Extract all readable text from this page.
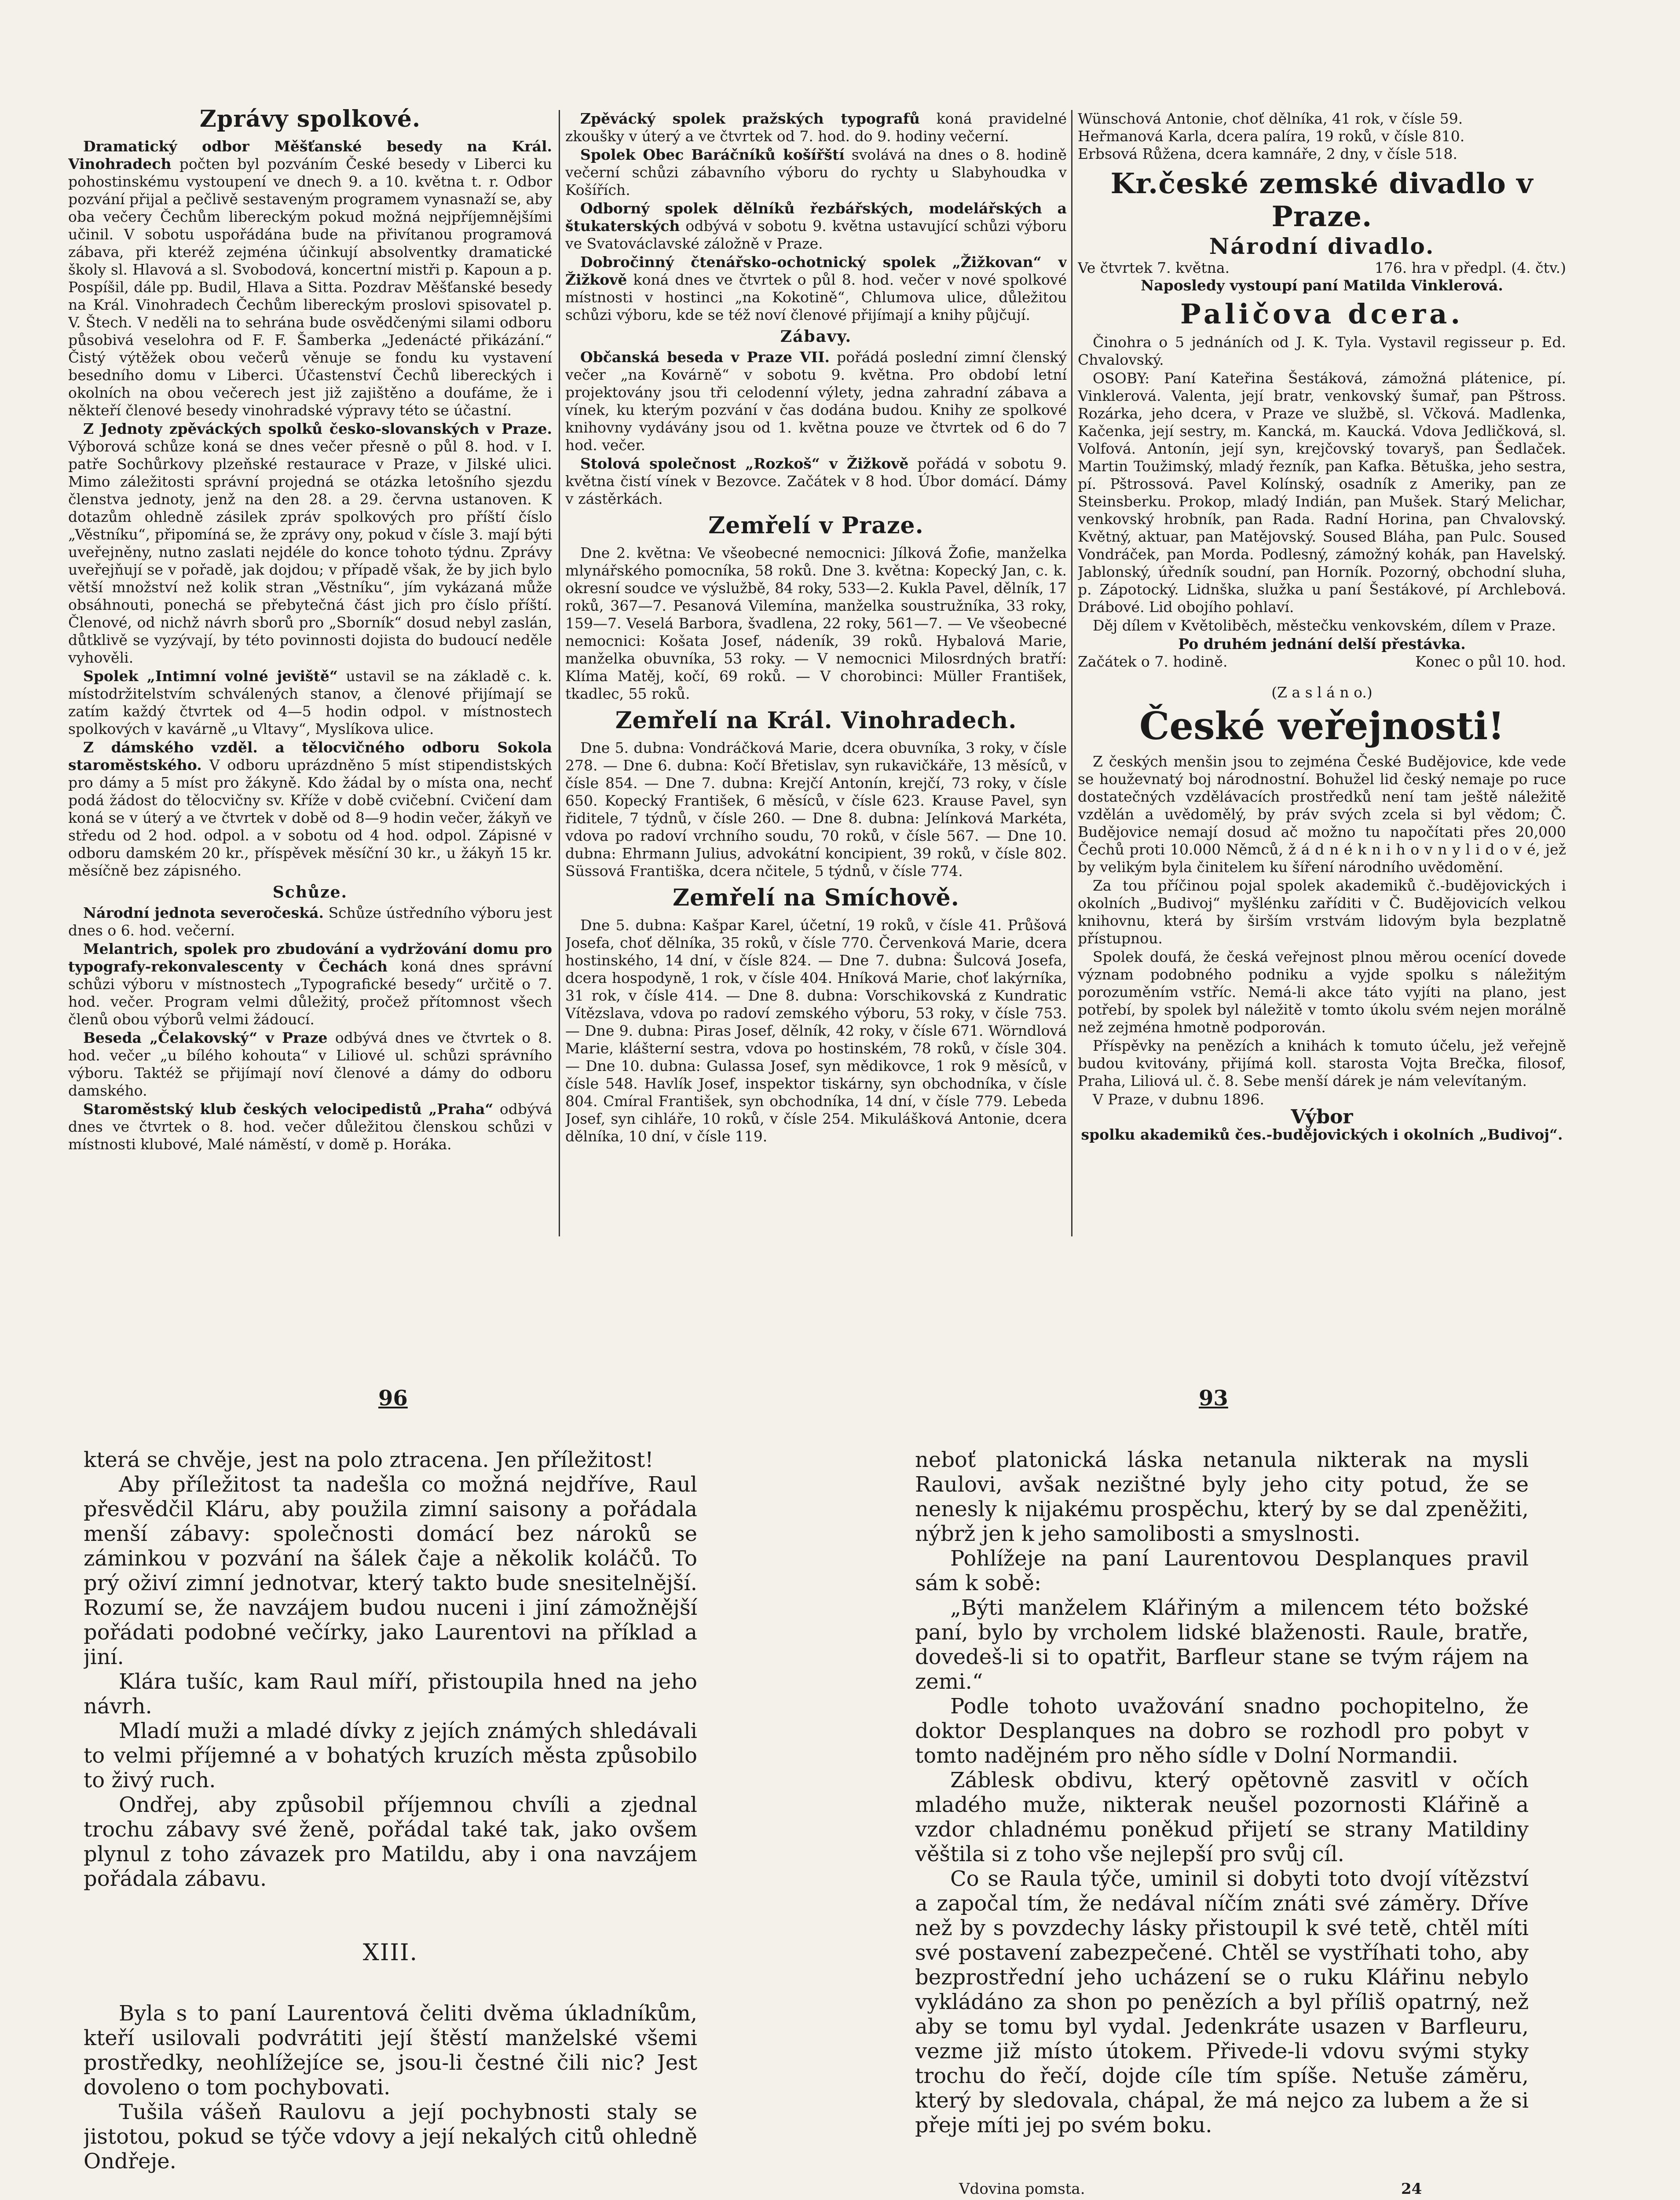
Zprávy spolkové.

Dramatický odbor Měšťanské besedy na Král. Vinohradech počten byl pozváním České besedy v Liberci ku pohostinskému vystoupení ve dnech 9. a 10. května t. r. Odbor pozvání přijal a pečlivě sestaveným programem vynasnaží se, aby oba večery Čechům libereckým pokud možná nejpříjemnějšími učinil. V sobotu uspořádána bude na přivítanou programová zábava, při kteréž zejména účinkují absolventky dramatické školy sl. Hlavová a sl. Svobodová, koncertní mistři p. Kapoun a p. Pospíšil, dále pp. Budil, Hlava a Sitta. Pozdrav Měšťanské besedy na Král. Vinohradech Čechům libereckým proslovi spisovatel p. V. Štech. V neděli na to sehrána bude osvědčenými silami odboru působivá veselohra od F. F. Šamberka „Jedenácté přikázání.“ Čistý výtěžek obou večerů věnuje se fondu ku vystavení besedního domu v Liberci. Účastenství Čechů libereckých i okolních na obou večerech jest již zajištěno a doufáme, že i někteří členové besedy vinohradské výpravy této se účastní.

Z Jednoty zpěváckých spolků česko-slovanských v Praze. Výborová schůze koná se dnes večer přesně o půl 8. hod. v I. patře Sochůrkovy plzeňské restaurace v Praze, v Jilské ulici. Mimo záležitosti správní projedná se otázka letošního sjezdu členstva jednoty, jenž na den 28. a 29. června ustanoven. K dotazům ohledně zásilek zpráv spolkových pro příští číslo „Věstníku“, připomíná se, že zprávy ony, pokud v čísle 3. mají býti uveřejněny, nutno zaslati nejdéle do konce tohoto týdnu. Zprávy uveřejňují se v pořadě, jak dojdou; v případě však, že by jich bylo větší množství než kolik stran „Věstníku“, jím vykázaná může obsáhnouti, ponechá se přebytečná část jich pro číslo příští. Členové, od nichž návrh sborů pro „Sborník“ dosud nebyl zaslán, důtklivě se vyzývají, by této povinnosti dojista do budoucí neděle vyhověli.

Spolek „Intimní volné jeviště“ ustavil se na základě c. k. místodržitelstvím schválených stanov, a členové přijímají se zatím každý čtvrtek od 4—5 hodin odpol. v místnostech spolkových v kavárně „u Vltavy“, Myslíkova ulice.

Z dámského vzděl. a tělocvičného odboru Sokola staroměstského. V odboru uprázdněno 5 míst stipendistských pro dámy a 5 míst pro žákyně. Kdo žádal by o místa ona, nechť podá žádost do tělocvičny sv. Kříže v době cvičební. Cvičení dam koná se v úterý a ve čtvrtek v době od 8—9 hodin večer, žákyň ve středu od 2 hod. odpol. a v sobotu od 4 hod. odpol. Zápisné v odboru damském 20 kr., příspěvek měsíční 30 kr., u žákyň 15 kr. měsíčně bez zápisného.

Schůze.

Národní jednota severočeská. Schůze ústředního výboru jest dnes o 6. hod. večerní.

Melantrich, spolek pro zbudování a vydržování domu pro typografy-rekonvalescenty v Čechách koná dnes správní schůzi výboru v místnostech „Typografické besedy“ určitě o 7. hod. večer. Program velmi důležitý, pročež přítomnost všech členů obou výborů velmi žádoucí.

Beseda „Čelakovský“ v Praze odbývá dnes ve čtvrtek o 8. hod. večer „u bílého kohouta“ v Liliové ul. schůzi správního výboru. Taktéž se přijímají noví členové a dámy do odboru damského.

Staroměstský klub českých velocipedistů „Praha“ odbývá dnes ve čtvrtek o 8. hod. večer důležitou členskou schůzi v místnosti klubové, Malé náměstí, v domě p. Horáka.

Zpěvácký spolek pražských typografů koná pravidelné zkoušky v úterý a ve čtvrtek od 7. hod. do 9. hodiny večerní.

Spolek Obec Baráčníků košířští svolává na dnes o 8. hodině večerní schůzi zábavního výboru do rychty u Slabyhoudka v Košířích.

Odborný spolek dělníků řezbářských, modelářských a štukaterských odbývá v sobotu 9. května ustavující schůzi výboru ve Svatováclavské záložně v Praze.

Dobročinný čtenářsko-ochotnický spolek „Žižkovan“ v Žižkově koná dnes ve čtvrtek o půl 8. hod. večer v nové spolkové místnosti v hostinci „na Kokotině“, Chlumova ulice, důležitou schůzi výboru, kde se též noví členové přijímají a knihy půjčují.

Zábavy.

Občanská beseda v Praze VII. pořádá poslední zimní členský večer „na Kovárně“ v sobotu 9. května. Pro období letní projektovány jsou tři celodenní výlety, jedna zahradní zábava a vínek, ku kterým pozvání v čas dodána budou. Knihy ze spolkové knihovny vydávány jsou od 1. května pouze ve čtvrtek od 6 do 7 hod. večer.

Stolová společnost „Rozkoš“ v Žižkově pořádá v sobotu 9. května čistí vínek v Bezovce. Začátek v 8 hod. Úbor domácí. Dámy v zástěrkách.

Zemřelí v Praze.

Dne 2. května: Ve všeobecné nemocnici: Jílková Žofie, manželka mlynářského pomocníka, 58 roků. Dne 3. května: Kopecký Jan, c. k. okresní soudce ve výslužbě, 84 roky, 533—2. Kukla Pavel, dělník, 17 roků, 367—7. Pesanová Vilemína, manželka soustružníka, 33 roky, 159—7. Veselá Barbora, švadlena, 22 roky, 561—7. — Ve všeobecné nemocnici: Košata Josef, nádeník, 39 roků. Hybalová Marie, manželka obuvníka, 53 roky. — V nemocnici Milosrdných bratří: Klíma Matěj, kočí, 69 roků. — V chorobinci: Müller František, tkadlec, 55 roků.

Zemřelí na Král. Vinohradech.

Dne 5. dubna: Vondráčková Marie, dcera obuvníka, 3 roky, v čísle 278. — Dne 6. dubna: Kočí Břetislav, syn rukavičkáře, 13 měsíců, v čísle 854. — Dne 7. dubna: Krejčí Antonín, krejčí, 73 roky, v čísle 650. Kopecký František, 6 měsíců, v čísle 623. Krause Pavel, syn řiditele, 7 týdnů, v čísle 260. — Dne 8. dubna: Jelínková Markéta, vdova po radoví vrchního soudu, 70 roků, v čísle 567. — Dne 10. dubna: Ehrmann Julius, advokátní koncipient, 39 roků, v čísle 802. Süssová Františka, dcera nčitele, 5 týdnů, v čísle 774.

Zemřelí na Smíchově.

Dne 5. dubna: Kašpar Karel, účetní, 19 roků, v čísle 41. Průšová Josefa, choť dělníka, 35 roků, v čísle 770. Červenková Marie, dcera hostinského, 14 dní, v čísle 824. — Dne 7. dubna: Šulcová Josefa, dcera hospodyně, 1 rok, v čísle 404. Hníková Marie, choť lakýrníka, 31 rok, v čísle 414. — Dne 8. dubna: Vorschikovská z Kundratic Vítězslava, vdova po radoví zemského výboru, 53 roky, v čísle 753. — Dne 9. dubna: Piras Josef, dělník, 42 roky, v čísle 671. Wörndlová Marie, klášterní sestra, vdova po hostinském, 78 roků, v čísle 304. — Dne 10. dubna: Gulassa Josef, syn mědikovce, 1 rok 9 měsíců, v čísle 548. Havlík Josef, inspektor tiskárny, syn obchodníka, v čísle 804. Cmíral František, syn obchodníka, 14 dní, v čísle 779. Lebeda Josef, syn cihláře, 10 roků, v čísle 254. Mikulášková Antonie, dcera dělníka, 10 dní, v čísle 119.

Wünschová Antonie, choť dělníka, 41 rok, v čísle 59.
Heřmanová Karla, dcera palíra, 19 roků, v čísle 810.
Erbsová Růžena, dcera kamnáře, 2 dny, v čísle 518.
Kr.české zemské divadlo v Praze.
Národní divadlo.
Ve čtvrtek 7. května.	176. hra v předpl. (4. čtv.)
Naposledy vystoupí paní Matilda Vinklerová.
Paličova dcera.

Činohra o 5 jednáních od J. K. Tyla. Vystavil regisseur p. Ed. Chvalovský.

OSOBY: Paní Kateřina Šestáková, zámožná plátenice, pí. Vinklerová. Valenta, její bratr, venkovský šumař, pan Pštross. Rozárka, jeho dcera, v Praze ve službě, sl. Včková. Madlenka, Kačenka, její sestry, m. Kancká, m. Kaucká. Vdova Jedličková, sl. Volfová. Antonín, její syn, krejčovský tovaryš, pan Šedlaček. Martin Toužimský, mladý řezník, pan Kafka. Bětuška, jeho sestra, pí. Pštrossová. Pavel Kolínský, osadník z Ameriky, pan ze Steinsberku. Prokop, mladý Indián, pan Mušek. Starý Melichar, venkovský hrobník, pan Rada. Radní Horina, pan Chvalovský. Květný, aktuar, pan Matějovský. Soused Bláha, pan Pulc. Soused Vondráček, pan Morda. Podlesný, zámožný kohák, pan Havelský. Jablonský, úředník soudní, pan Horník. Pozorný, obchodní sluha, p. Zápotocký. Lidnška, služka u paní Šestákové, pí Archlebová. Drábové. Lid obojího pohlaví.

Děj dílem v Květoliběch, městečku venkovském, dílem v Praze.

Po druhém jednání delší přestávka.
Začátek o 7. hodině.	Konec o půl 10. hod.
(Z a s l á n o.)
České veřejnosti!

Z českých menšin jsou to zejména České Budějovice, kde vede se houževnatý boj národnostní. Bohužel lid český nemaje po ruce dostatečných vzdělávacích prostředků není tam ještě náležitě vzdělán a uvědomělý, by práv svých zcela si byl vědom; Č. Budějovice nemají dosud ač možno tu napočítati přes 20,000 Čechů proti 10.000 Němců, ž á d n é k n i h o v n y l i d o v é, jež by velikým byla činitelem ku šíření národního uvědomění.

Za tou příčinou pojal spolek akademiků č.-budějovických i okolních „Budivoj“ myšlénku zaříditi v Č. Budějovicích velkou knihovnu, která by širším vrstvám lidovým byla bezplatně přístupnou.

Spolek doufá, že česká veřejnost plnou měrou ocenící dovede význam podobného podniku a vyjde spolku s náležitým porozuměním vstříc. Nemá-li akce táto vyjíti na plano, jest potřebí, by spolek byl náležitě v tomto úkolu svém nejen morálně než zejména hmotně podporován.

Příspěvky na penězích a knihách k tomuto účelu, jež veřejně budou kvitovány, přijímá koll. starosta Vojta Brečka, filosof, Praha, Liliová ul. č. 8. Sebe menší dárek je nám velevítaným.

V Praze, v dubnu 1896.
Výbor
spolku akademiků čes.-budějovických i okolních „Budivoj“.
96	93

která se chvěje, jest na polo ztracena. Jen příležitost!

Aby příležitost ta nadešla co možná nejdříve, Raul přesvědčil Kláru, aby použila zimní saisony a pořádala menší zábavy: společnosti domácí bez nároků se záminkou v pozvání na šálek čaje a několik koláčů. To prý oživí zimní jednotvar, který takto bude snesitelnější. Rozumí se, že navzájem budou nuceni i jiní zámožnější pořádati podobné večírky, jako Laurentovi na příklad a jiní.

Klára tušíc, kam Raul míří, přistoupila hned na jeho návrh.

Mladí muži a mladé dívky z jejích známých shledávali to velmi příjemné a v bohatých kruzích města způsobilo to živý ruch.

Ondřej, aby způsobil příjemnou chvíli a zjednal trochu zábavy své ženě, pořádal také tak, jako ovšem plynul z toho závazek pro Matildu, aby i ona navzájem pořádala zábavu.

XIII.

Byla s to paní Laurentová čeliti dvěma úkladníkům, kteří usilovali podvrátiti její štěstí manželské všemi prostředky, neohlížejíce se, jsou-li čestné čili nic? Jest dovoleno o tom pochybovati.

Tušila vášeň Raulovu a její pochybnosti staly se jistotou, pokud se týče vdovy a její nekalých citů ohledně Ondřeje.

neboť platonická láska netanula nikterak na mysli Raulovi, avšak nezištné byly jeho city potud, že se nenesly k nijakému prospěchu, který by se dal zpeněžiti, nýbrž jen k jeho samolibosti a smyslnosti.

Pohlížeje na paní Laurentovou Desplanques pravil sám k sobě:

„Býti manželem Klářiným a milencem této božské paní, bylo by vrcholem lidské blaženosti. Raule, bratře, dovedeš-li si to opatřit, Barfleur stane se tvým rájem na zemi.“

Podle tohoto uvažování snadno pochopitelno, že doktor Desplanques na dobro se rozhodl pro pobyt v tomto nadějném pro něho sídle v Dolní Normandii.

Záblesk obdivu, který opětovně zasvitl v očích mladého muže, nikterak neušel pozornosti Klářině a vzdor chladnému poněkud přijetí se strany Matildiny věštila si z toho vše nejlepší pro svůj cíl.

Co se Raula týče, uminil si dobyti toto dvojí vítězství a započal tím, že nedával níčím znáti své záměry. Dříve než by s povzdechy lásky přistoupil k své tetě, chtěl míti své postavení zabezpečené. Chtěl se vystříhati toho, aby bezprostřední jeho ucházení se o ruku Klářinu nebylo vykládáno za shon po penězích a byl příliš opatrný, než aby se tomu byl vydal. Jedenkráte usazen v Barfleuru, vezme již místo útokem. Přivede-li vdovu svými styky trochu do řečí, dojde cíle tím spíše. Netuše záměru, který by sledovala, chápal, že má nejco za lubem a že si přeje míti jej po svém boku.

Vdovina pomsta.	24
